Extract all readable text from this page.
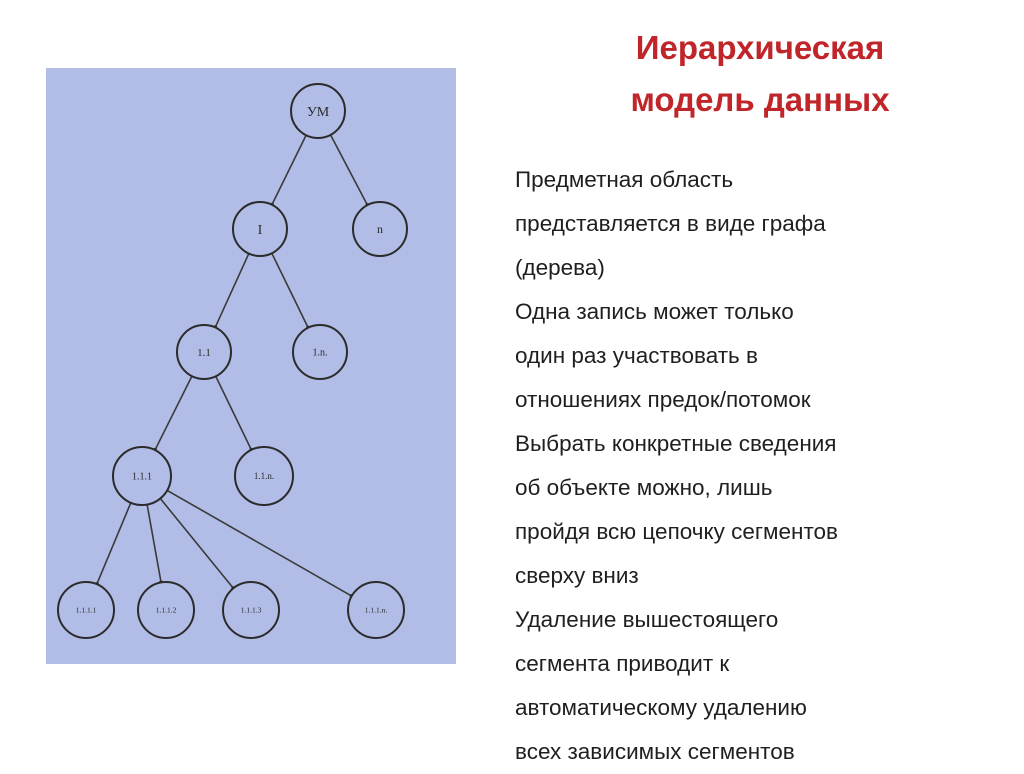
Иерархическая
модель данных
УМ
I	n
1.1	1.n.
1.1.1	1.1.n.
1.1.1.1	1.1.1.2	1.1.1.3	1.1.1.n.
Предметная область
представляется в виде графа
(дерева)
Одна запись может только
один раз участвовать в
отношениях предок/потомок
Выбрать конкретные сведения
об объекте можно, лишь
пройдя всю цепочку сегментов
сверху вниз
Удаление вышестоящего
сегмента приводит к
автоматическому удалению
всех зависимых сегментов
